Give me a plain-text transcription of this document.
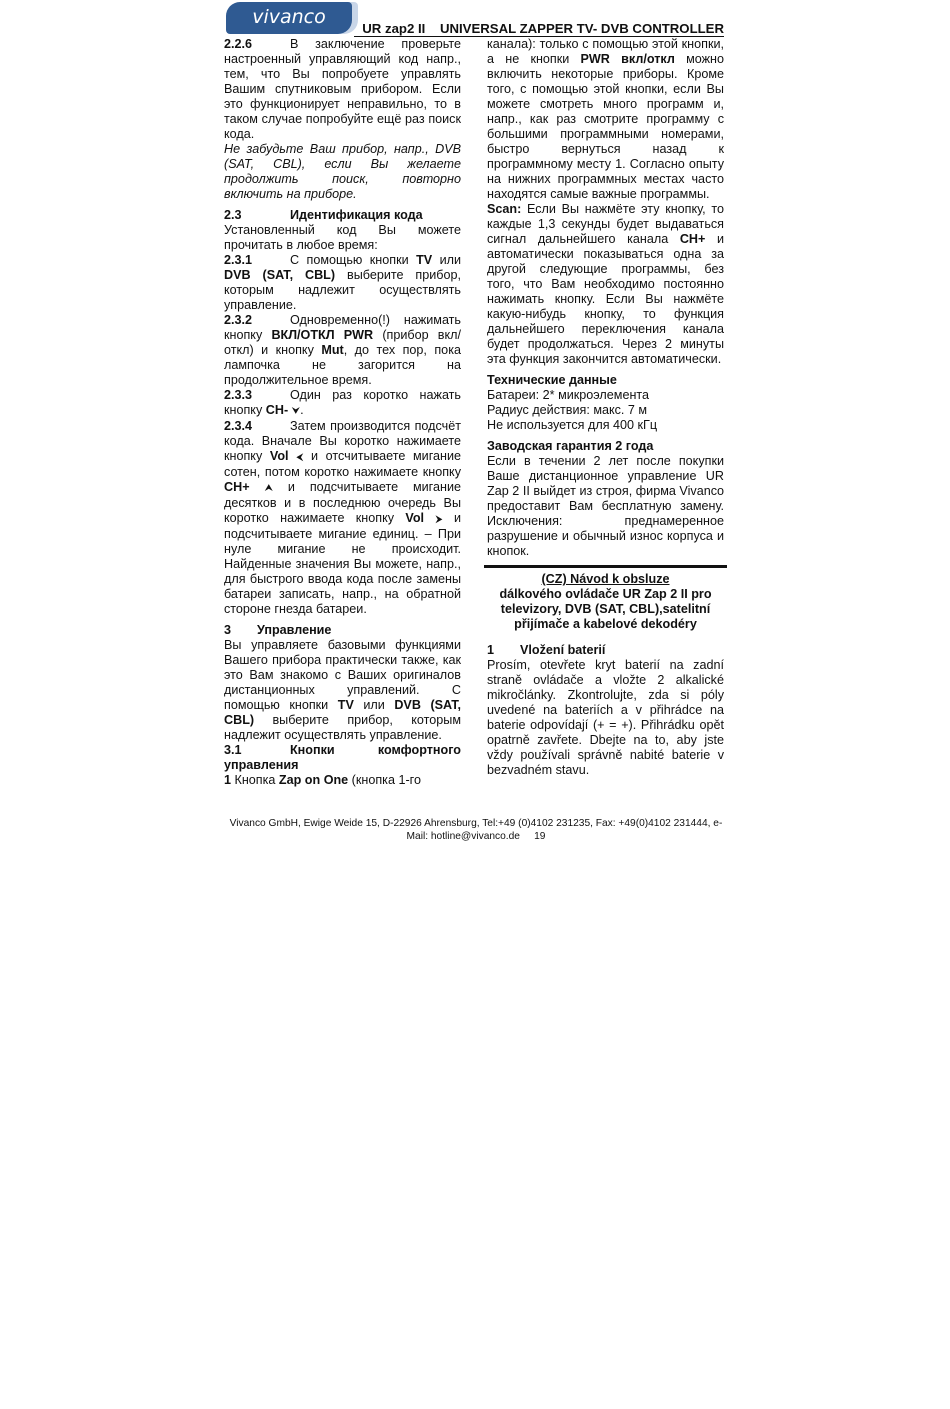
vivanco
UR zap2 II    UNIVERSAL ZAPPER TV- DVB CONTROLLER

2.2.6	В заключение проверьте настроенный управляющий код напр., тем, что Вы попробуете управлять Вашим спутниковым прибором. Если это функционирует неправильно, то в таком случае попробуйте ещё раз поиск кода.

Не забудьте Ваш прибор, напр., DVB (SAT, CBL), если Вы желаете продолжить поиск, повторно включить на приборе.

2.3	Идентификация кода

Установленный код Вы можете прочитать в любое время:

2.3.1	С помощью кнопки TV или DVB (SAT, CBL) выберите прибор, которым надлежит осуществлять управление.

2.3.2	Одновременно(!) нажимать кнопку ВКЛ/ОТКЛ PWR (прибор вкл/откл) и кнопку Mut, до тех пор, пока лампочка не загорится на продолжительное время.

2.3.3	Один раз коротко нажать кнопку CH- ⮟.

2.3.4	Затем производится подсчёт кода. Вначале Вы коротко нажимаете кнопку Vol ⮜ и отсчитываете мигание сотен, потом коротко нажимаете кнопку CH+ ⮝ и подсчитываете мигание десятков и в последнюю очередь Вы коротко нажимаете кнопку Vol ⮞ и подсчитываете мигание единиц. – При нуле мигание не происходит. Найденные значения Вы можете, напр., для быстрого ввода кода после замены батареи записать, напр., на обратной стороне гнезда батареи.

3 Управление

Вы управляете базовыми функциями Вашего прибора практически также, как это Вам знакомо с Ваших оригиналов дистанционных управлений. С помощью кнопки TV или DVB (SAT, CBL) выберите прибор, которым надлежит осуществлять управление.

3.1	Кнопки комфортного управления

1 Кнопка Zap on One (кнопка 1-го

канала): только с помощью этой кнопки, а не кнопки PWR вкл/откл можно включить некоторые приборы. Кроме того, с помощью этой кнопки, если Вы можете смотреть много программ и, напр., как раз смотрите программу с большими программными номерами, быстро вернуться назад к программному месту 1. Согласно опыту на нижних программных местах часто находятся самые важные программы.

Scan: Если Вы нажмёте эту кнопку, то каждые 1,3 секунды будет выдаваться сигнал дальнейшего канала CH+ и автоматически показываться одна за другой следующие программы, без того, что Вам необходимо постоянно нажимать кнопку. Если Вы нажмёте какую-нибудь кнопку, то функция дальнейшего переключения канала будет продолжаться. Через 2 минуты эта функция закончится автоматически.

Технические данные

Батареи: 2* микроэлемента

Радиус действия: макс. 7 м

Не используется для 400 кГц

Заводская гарантия 2 года

Если в течении 2 лет после покупки Ваше дистанционное управление UR Zap 2 II выйдет из строя, фирма Vivanco предоставит Вам бесплатную замену. Исключения: преднамеренное разрушение и обычный износ корпуса и кнопок.

(CZ) Návod k obsluze
dálkového ovládače UR Zap 2 II pro televizory, DVB (SAT, CBL),satelitní přijímače a kabelové dekodéry

1 Vložení baterií

Prosím, otevřete kryt baterií na zadní straně ovládače a vložte 2 alkalické mikročlánky. Zkontrolujte, zda si póly uvedené na bateriích a v přihrádce na baterie odpovídají (+ = +). Přihrádku opět opatrně zavřete. Dbejte na to, aby jste vždy používali správně nabité baterie v bezvadném stavu.

Vivanco GmbH, Ewige Weide 15, D-22926 Ahrensburg, Tel:+49 (0)4102 231235, Fax: +49(0)4102 231444, e-Mail: hotline@vivanco.de 19
